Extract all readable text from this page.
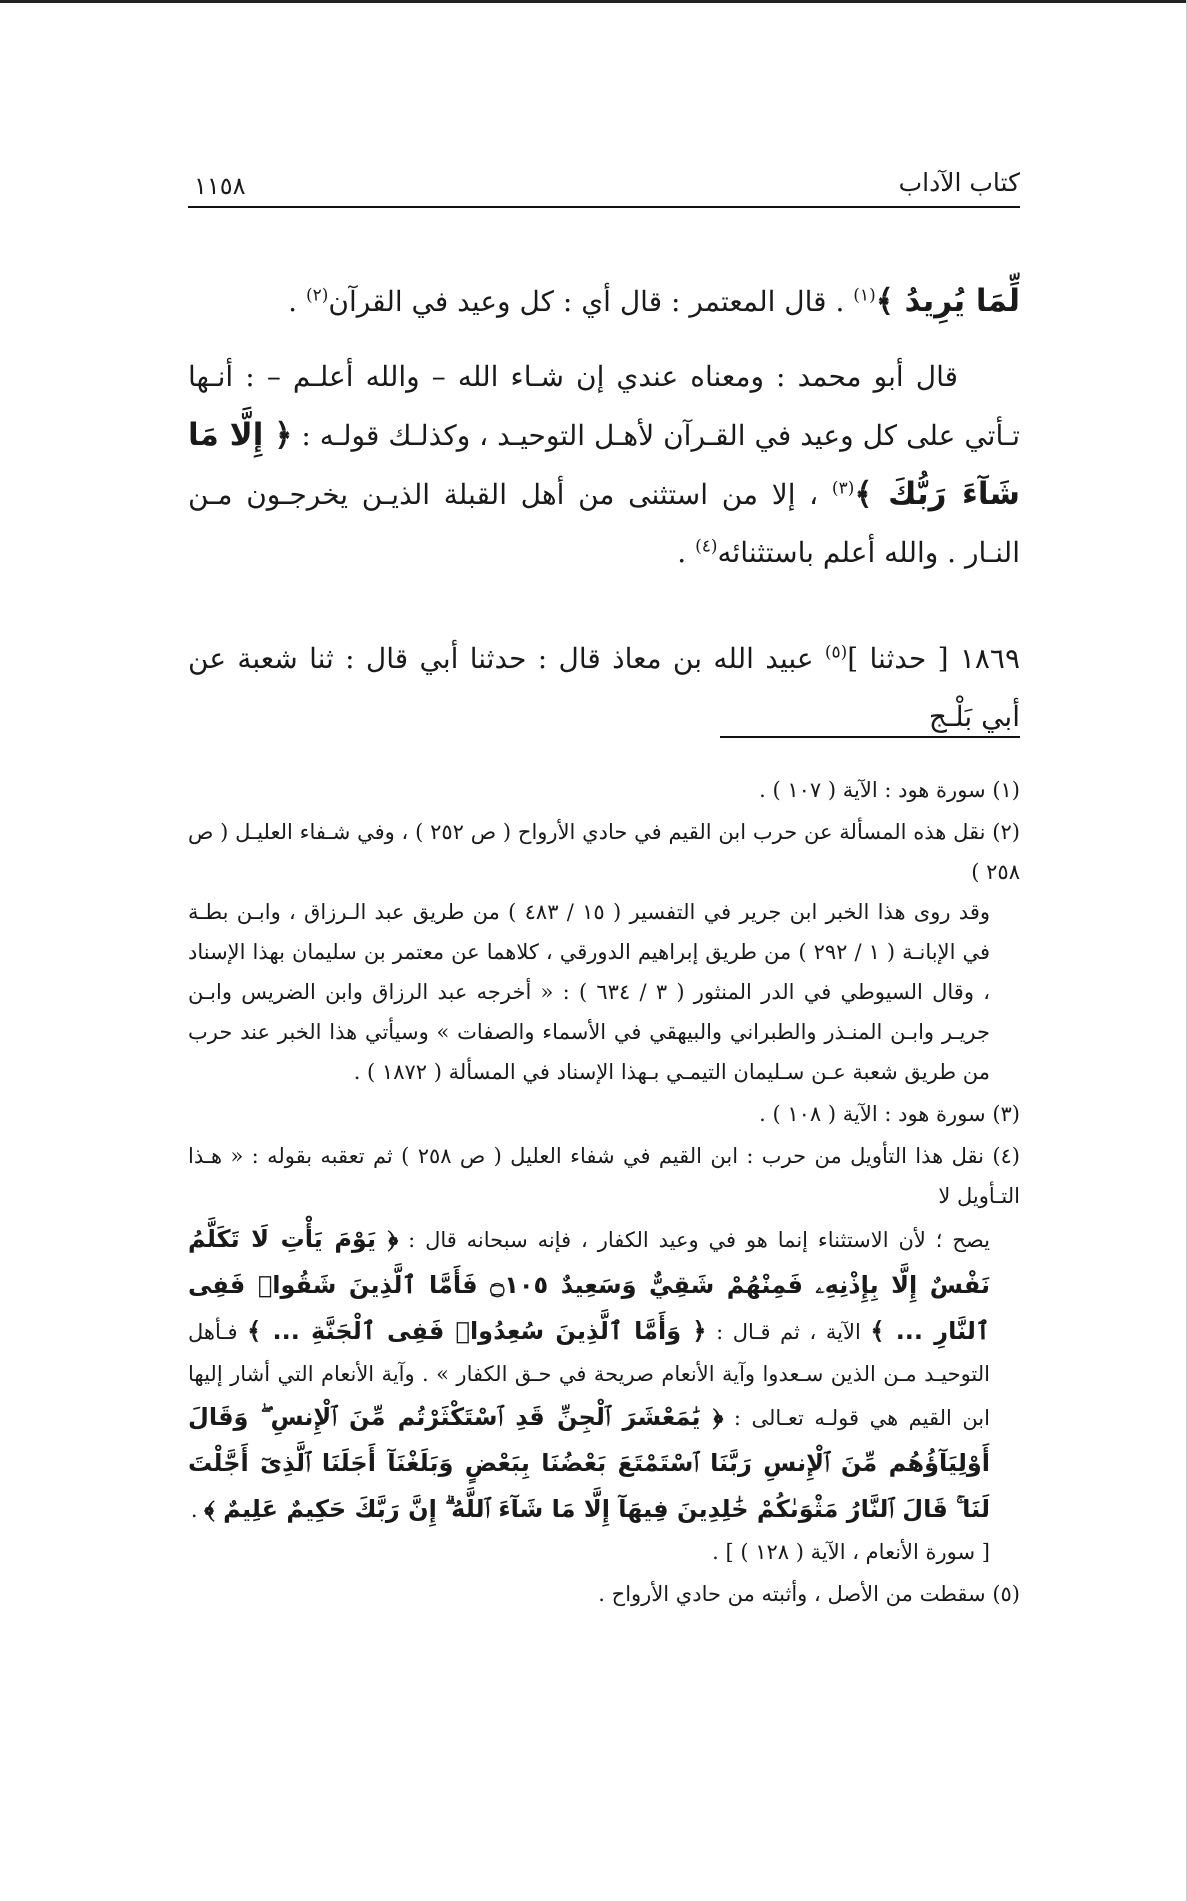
كتاب الآداب
١١٥٨
لِّمَا يُرِيدُ ﴾$^{(١)}$ . قال المعتمر : قال أي : كل وعيد في القرآن$^{(٢)}$ .
قال أبو محمد : ومعناه عندي إن شـاء الله – والله أعلـم – : أنـها تـأتي على كل وعيد في القـرآن لأهـل التوحيـد ، وكذلـك قولـه : ﴿ إِلَّا مَا شَآءَ رَبُّكَ ﴾$^{(٣)}$ ، إلا من استثنى من أهل القبلة الذيـن يخرجـون مـن النـار . والله أعلم باستثنائه$^{(٤)}$ .
١٨٦٩ [ حدثنا ]$^{(٥)}$ عبيد الله بن معاذ قال : حدثنا أبي قال : ثنا شعبة عن أبي بَلْـج
(١) سورة هود : الآية ( ١٠٧ ) .
(٢) نقل هذه المسألة عن حرب ابن القيم في حادي الأرواح ( ص ٢٥٢ ) ، وفي شـفاء العليـل ( ص ٢٥٨ )
وقد روى هذا الخبر ابن جرير في التفسير ( ١٥ / ٤٨٣ ) من طريق عبد الـرزاق ، وابـن بطـة في الإبانـة ( ١ / ٢٩٢ ) من طريق إبراهيم الدورقي ، كلاهما عن معتمر بن سليمان بهذا الإسناد ، وقال السيوطي في الدر المنثور ( ٣ / ٦٣٤ ) : « أخرجه عبد الرزاق وابن الضريس وابـن جريـر وابـن المنـذر والطبراني والبيهقي في الأسماء والصفات » وسيأتي هذا الخبر عند حرب من طريق شعبة عـن سـليمان التيمـي بـهذا الإسناد في المسألة ( ١٨٧٢ ) .
(٣) سورة هود : الآية ( ١٠٨ ) .
(٤) نقل هذا التأويل من حرب : ابن القيم في شفاء العليل ( ص ٢٥٨ ) ثم تعقبه بقوله : « هـذا التـأويل لا
يصح ؛ لأن الاستثناء إنما هو في وعيد الكفار ، فإنه سبحانه قال : ﴿ يَوْمَ يَأْتِ لَا تَكَلَّمُ نَفْسٌ إِلَّا بِإِذْنِهِۦ فَمِنْهُمْ شَقِيٌّ وَسَعِيدٌ ۝١٠٥ فَأَمَّا ٱلَّذِينَ شَقُوا۟ فَفِى ٱلنَّارِ ... ﴾ الآية ، ثم قـال : ﴿ وَأَمَّا ٱلَّذِينَ سُعِدُوا۟ فَفِى ٱلْجَنَّةِ ... ﴾ فـأهل التوحيـد مـن الذين سـعدوا وآية الأنعام صريحة في حـق الكفار » . وآية الأنعام التي أشار إليها ابن القيم هي قولـه تعـالى : ﴿ يَٰمَعْشَرَ ٱلْجِنِّ قَدِ ٱسْتَكْثَرْتُم مِّنَ ٱلْإِنسِ ۖ وَقَالَ أَوْلِيَآؤُهُم مِّنَ ٱلْإِنسِ رَبَّنَا ٱسْتَمْتَعَ بَعْضُنَا بِبَعْضٍ وَبَلَغْنَآ أَجَلَنَا ٱلَّذِىٓ أَجَّلْتَ لَنَا ۚ قَالَ ٱلنَّارُ مَثْوَىٰكُمْ خَٰلِدِينَ فِيهَآ إِلَّا مَا شَآءَ ٱللَّهُ ۗ إِنَّ رَبَّكَ حَكِيمٌ عَلِيمٌ ﴾ .
[ سورة الأنعام ، الآية ( ١٢٨ ) ] .
(٥) سقطت من الأصل ، وأثبته من حادي الأرواح .
